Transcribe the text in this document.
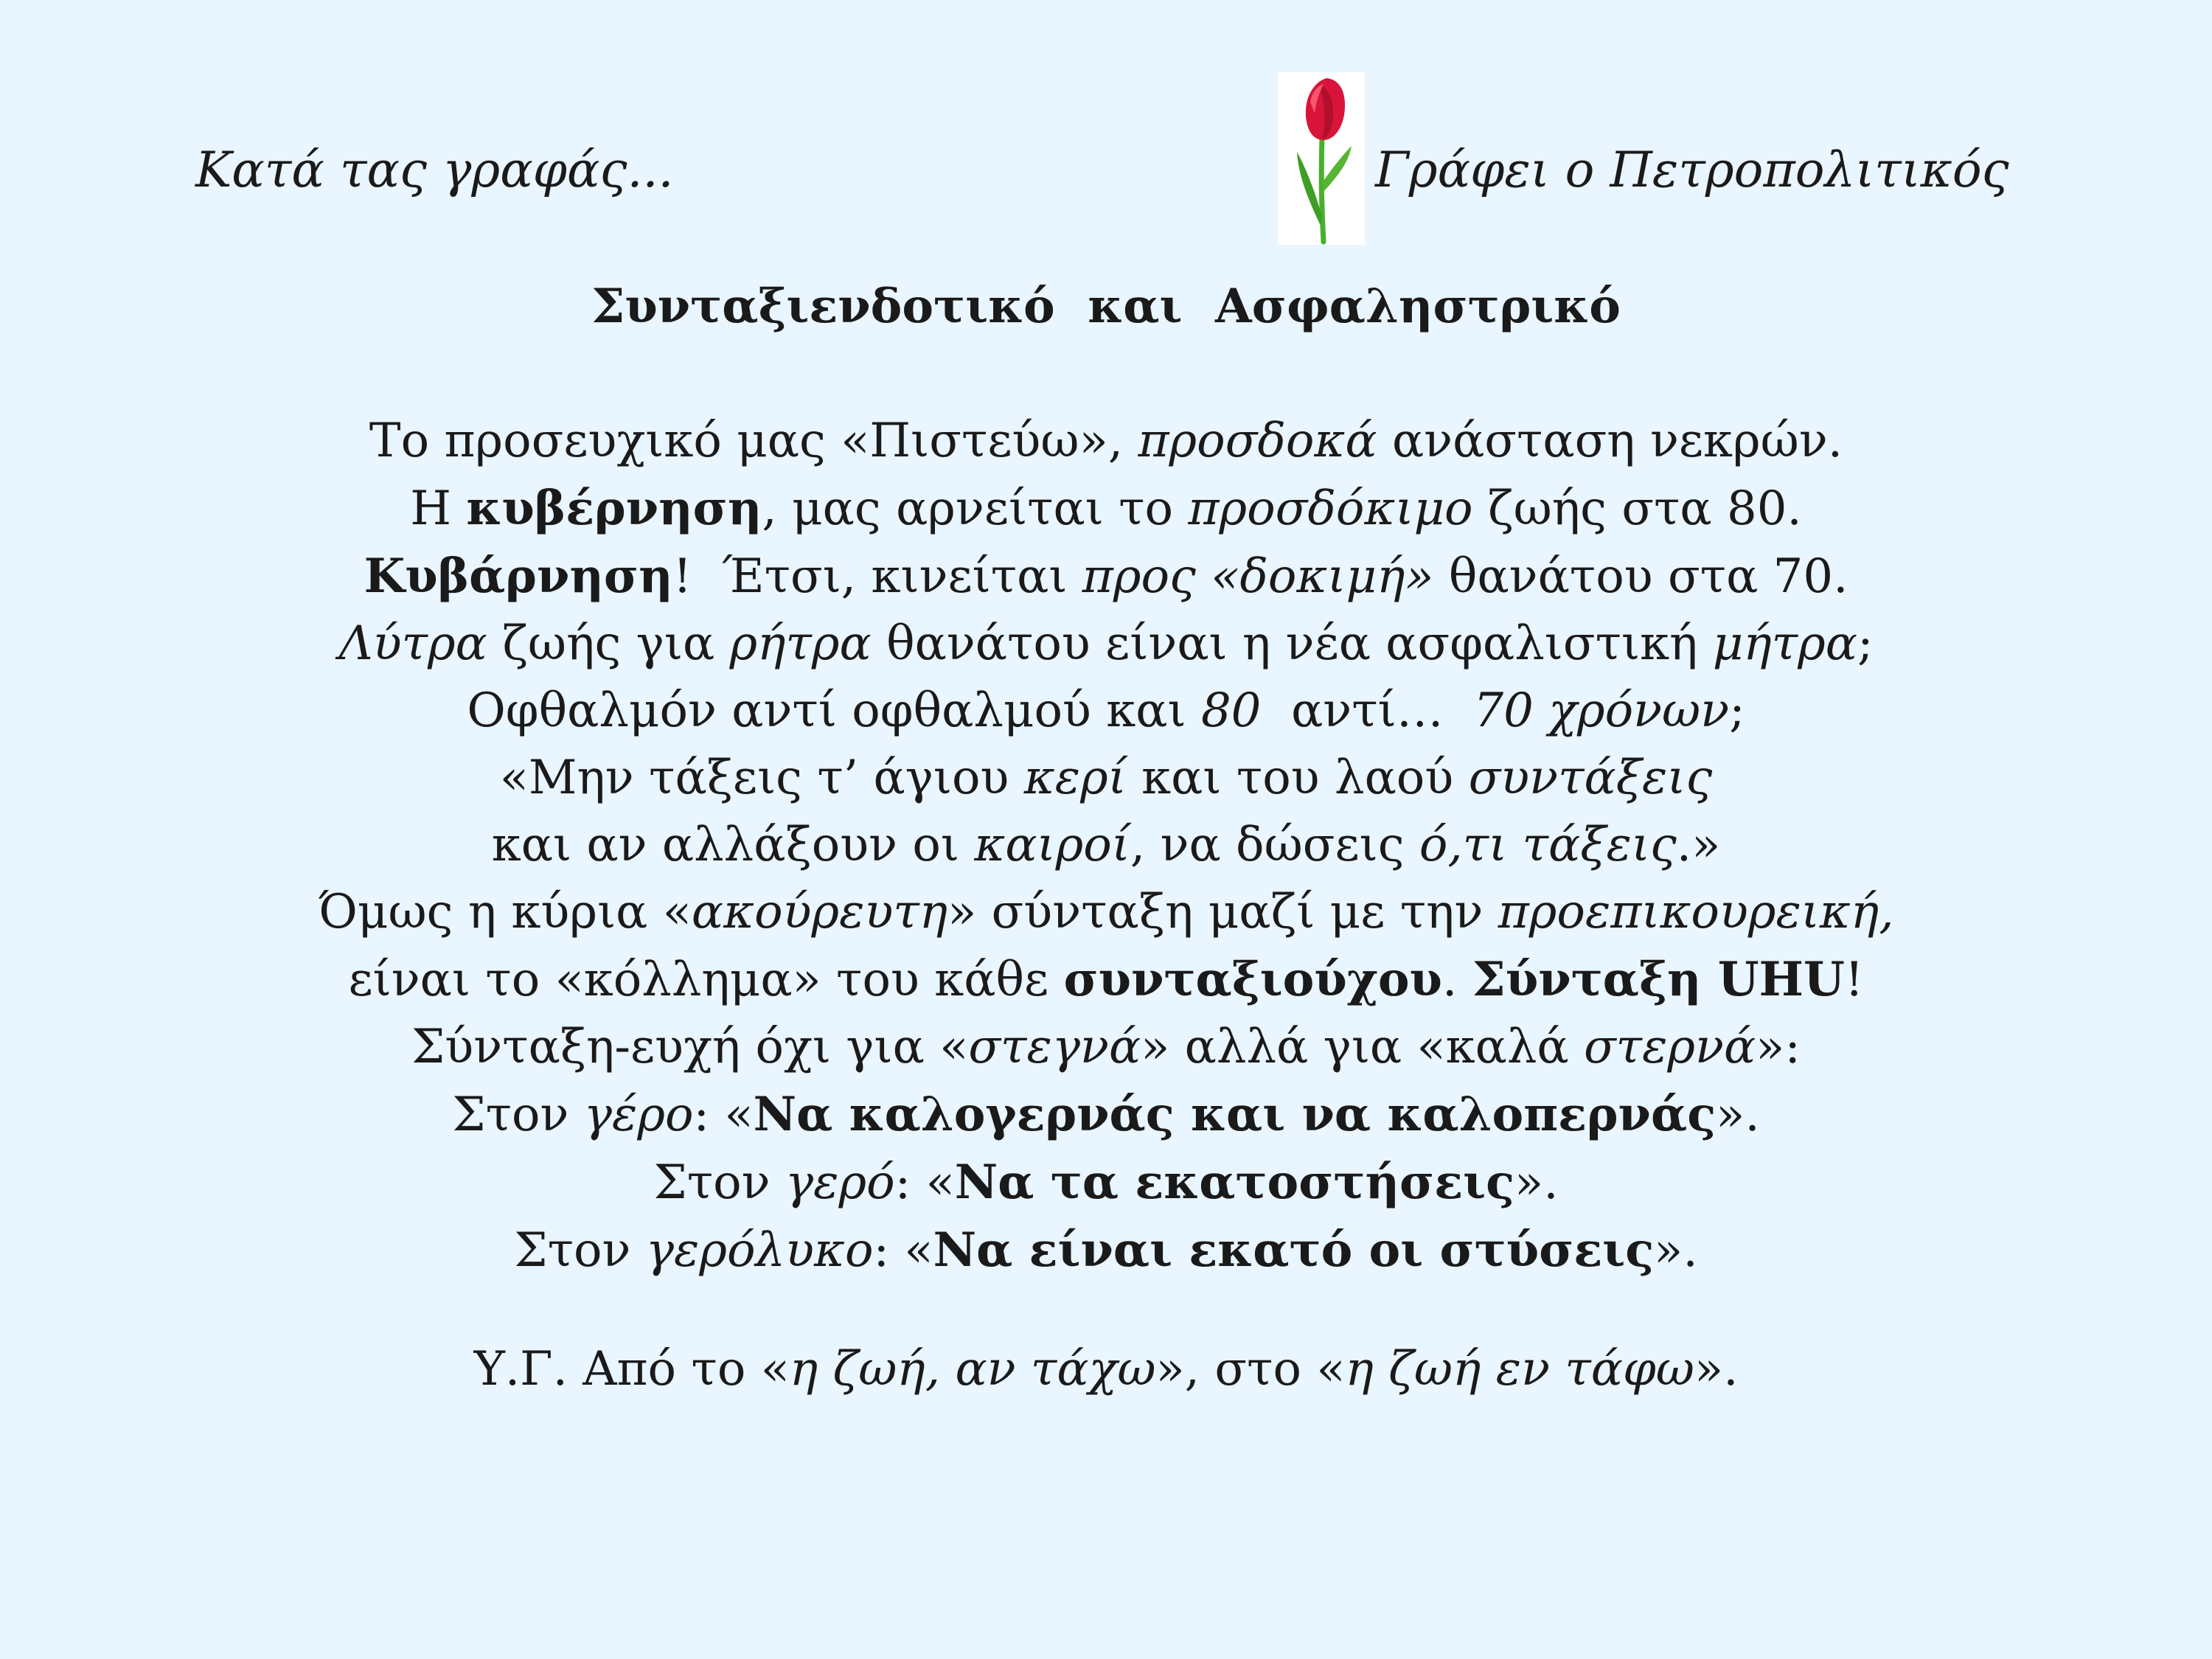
Κατά τας γραφάς...	Γράφει ο Πετροπολιτικός
Συνταξιενδοτικό  και  Ασφαληστρικό
Το προσευχικό μας «Πιστεύω», προσδοκά ανάσταση νεκρών.
Η κυβέρνηση, μας αρνείται το προσδόκιμο ζωής στα 80.
Κυβάρνηση!  Έτσι, κινείται προς «δοκιμή» θανάτου στα 70.
Λύτρα ζωής για ρήτρα θανάτου είναι η νέα ασφαλιστική μήτρα;
Οφθαλμόν αντί οφθαλμού και 80  αντί…  70 χρόνων;
«Μην τάξεις τ’ άγιου κερί και του λαού συντάξεις
και αν αλλάξουν οι καιροί, να δώσεις ό,τι τάξεις.»
Όμως η κύρια «ακούρευτη» σύνταξη μαζί με την προεπικουρεική,
είναι το «κόλλημα» του κάθε συνταξιούχου. Σύνταξη UHU!
Σύνταξη-ευχή όχι για «στεγνά» αλλά για «καλά στερνά»:
Στον γέρο: «Να καλογερνάς και να καλοπερνάς».
Στον γερό: «Να τα εκατοστήσεις».
Στον γερόλυκο: «Να είναι εκατό οι στύσεις».
Υ.Γ. Από το «η ζωή, αν τάχω», στο «η ζωή εν τάφω».
